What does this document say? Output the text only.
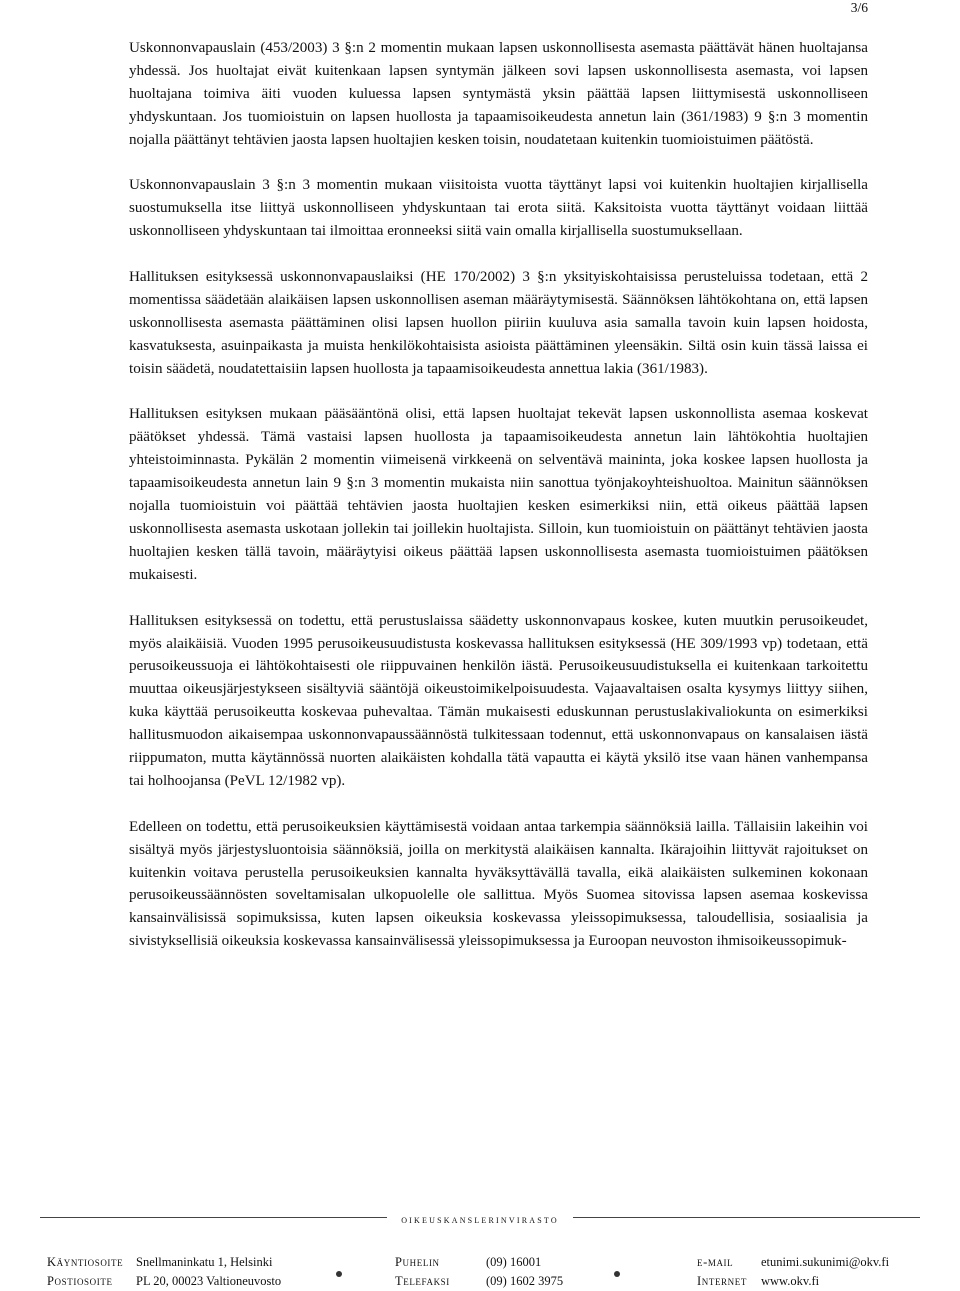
3/6

Uskonnonvapauslain (453/2003) 3 §:n 2 momentin mukaan lapsen uskonnollisesta asemasta päättävät hänen huoltajansa yhdessä. Jos huoltajat eivät kuitenkaan lapsen syntymän jälkeen sovi lapsen uskonnollisesta asemasta, voi lapsen huoltajana toimiva äiti vuoden kuluessa lapsen syntymästä yksin päättää lapsen liittymisestä uskonnolliseen yhdyskuntaan. Jos tuomioistuin on lapsen huollosta ja tapaamisoikeudesta annetun lain (361/1983) 9 §:n 3 momentin nojalla päättänyt tehtävien jaosta lapsen huoltajien kesken toisin, noudatetaan kuitenkin tuomioistuimen päätöstä.

Uskonnonvapauslain 3 §:n 3 momentin mukaan viisitoista vuotta täyttänyt lapsi voi kuitenkin huoltajien kirjallisella suostumuksella itse liittyä uskonnolliseen yhdyskuntaan tai erota siitä. Kaksitoista vuotta täyttänyt voidaan liittää uskonnolliseen yhdyskuntaan tai ilmoittaa eronneeksi siitä vain omalla kirjallisella suostumuksellaan.

Hallituksen esityksessä uskonnonvapauslaiksi (HE 170/2002) 3 §:n yksityiskohtaisissa perusteluissa todetaan, että 2 momentissa säädetään alaikäisen lapsen uskonnollisen aseman määräytymisestä. Säännöksen lähtökohtana on, että lapsen uskonnollisesta asemasta päättäminen olisi lapsen huollon piiriin kuuluva asia samalla tavoin kuin lapsen hoidosta, kasvatuksesta, asuinpaikasta ja muista henkilökohtaisista asioista päättäminen yleensäkin. Siltä osin kuin tässä laissa ei toisin säädetä, noudatettaisiin lapsen huollosta ja tapaamisoikeudesta annettua lakia (361/1983).

Hallituksen esityksen mukaan pääsääntönä olisi, että lapsen huoltajat tekevät lapsen uskonnollista asemaa koskevat päätökset yhdessä. Tämä vastaisi lapsen huollosta ja tapaamisoikeudesta annetun lain lähtökohtia huoltajien yhteistoiminnasta. Pykälän 2 momentin viimeisenä virkkeenä on selventävä maininta, joka koskee lapsen huollosta ja tapaamisoikeudesta annetun lain 9 §:n 3 momentin mukaista niin sanottua työnjakoyhteishuoltoa. Mainitun säännöksen nojalla tuomioistuin voi päättää tehtävien jaosta huoltajien kesken esimerkiksi niin, että oikeus päättää lapsen uskonnollisesta asemasta uskotaan jollekin tai joillekin huoltajista. Silloin, kun tuomioistuin on päättänyt tehtävien jaosta huoltajien kesken tällä tavoin, määräytyisi oikeus päättää lapsen uskonnollisesta asemasta tuomioistuimen päätöksen mukaisesti.

Hallituksen esityksessä on todettu, että perustuslaissa säädetty uskonnonvapaus koskee, kuten muutkin perusoikeudet, myös alaikäisiä. Vuoden 1995 perusoikeusuudistusta koskevassa hallituksen esityksessä (HE 309/1993 vp) todetaan, että perusoikeussuoja ei lähtökohtaisesti ole riippuvainen henkilön iästä. Perusoikeusuudistuksella ei kuitenkaan tarkoitettu muuttaa oikeusjärjestykseen sisältyviä sääntöjä oikeustoimikelpoisuudesta. Vajaavaltaisen osalta kysymys liittyy siihen, kuka käyttää perusoikeutta koskevaa puhevaltaa. Tämän mukaisesti eduskunnan perustuslakivaliokunta on esimerkiksi hallitusmuodon aikaisempaa uskonnonvapaussäännöstä tulkitessaan todennut, että uskonnonvapaus on kansalaisen iästä riippumaton, mutta käytännössä nuorten alaikäisten kohdalla tätä vapautta ei käytä yksilö itse vaan hänen vanhempansa tai holhoojansa (PeVL 12/1982 vp).

Edelleen on todettu, että perusoikeuksien käyttämisestä voidaan antaa tarkempia säännöksiä lailla. Tällaisiin lakeihin voi sisältyä myös järjestysluontoisia säännöksiä, joilla on merkitystä alaikäisen kannalta. Ikärajoihin liittyvät rajoitukset on kuitenkin voitava perustella perusoikeuksien kannalta hyväksyttävällä tavalla, eikä alaikäisten sulkeminen kokonaan perusoikeussäännösten soveltamisalan ulkopuolelle ole sallittua. Myös Suomea sitovissa lapsen asemaa koskevissa kansainvälisissä sopimuksissa, kuten lapsen oikeuksia koskevassa yleissopimuksessa, taloudellisia, sosiaalisia ja sivistyksellisiä oikeuksia koskevassa kansainvälisessä yleissopimuksessa ja Euroopan neuvoston ihmisoikeussopimuk-

oikeuskanslerinvirasto
Käyntiosoite Snellmaninkatu 1, Helsinki	Puhelin	(09) 16001	e-mail etunimi.sukunimi@okv.fi
Postiosoite PL 20, 00023 Valtioneuvosto	Telefaksi	(09) 1602 3975	Internet www.okv.fi
